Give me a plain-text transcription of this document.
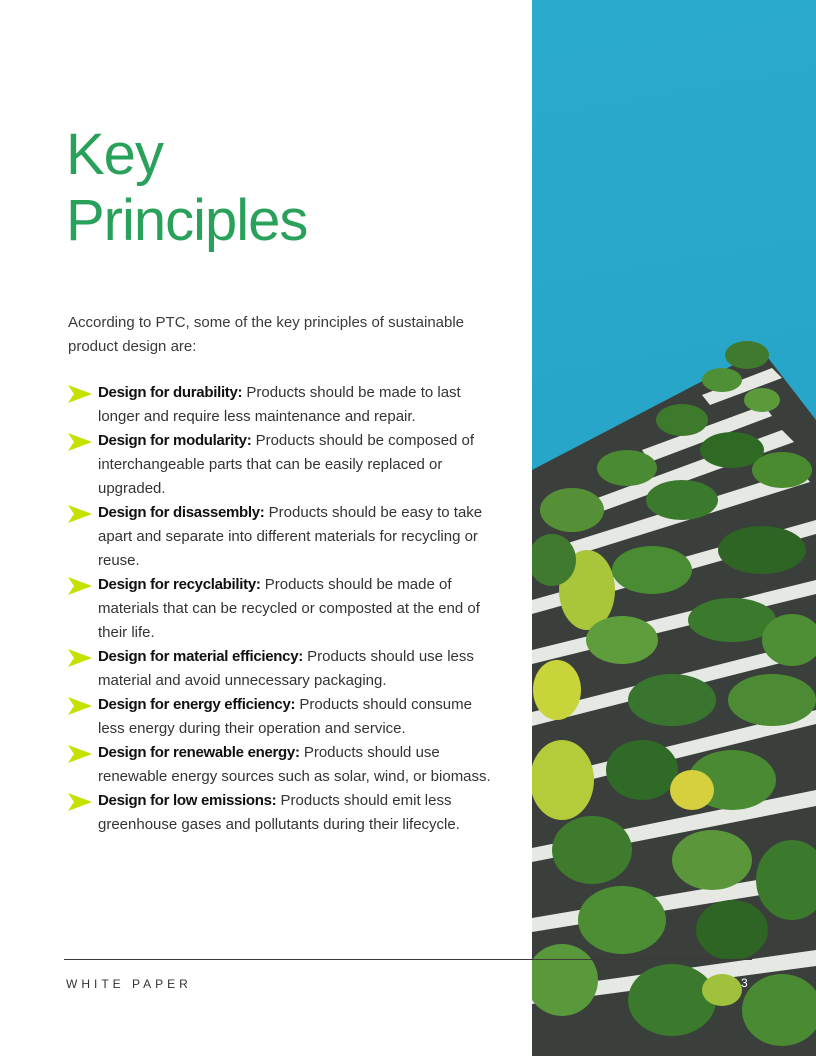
Key
Principles

According to PTC, some of the key principles of sustainable product design are:

Design for durability: Products should be made to last longer and require less maintenance and repair.
Design for modularity: Products should be composed of interchangeable parts that can be easily replaced or upgraded.
Design for disassembly: Products should be easy to take apart and separate into different materials for recycling or reuse.
Design for recyclability: Products should be made of materials that can be recycled or composted at the end of their life.
Design for material efficiency: Products should use less material and avoid unnecessary packaging.
Design for energy efficiency: Products should consume less energy during their operation and service.
Design for renewable energy: Products should use renewable energy sources such as solar, wind, or biomass.
Design for low emissions: Products should emit less greenhouse gases and pollutants during their lifecycle.
WHITE PAPER	3
